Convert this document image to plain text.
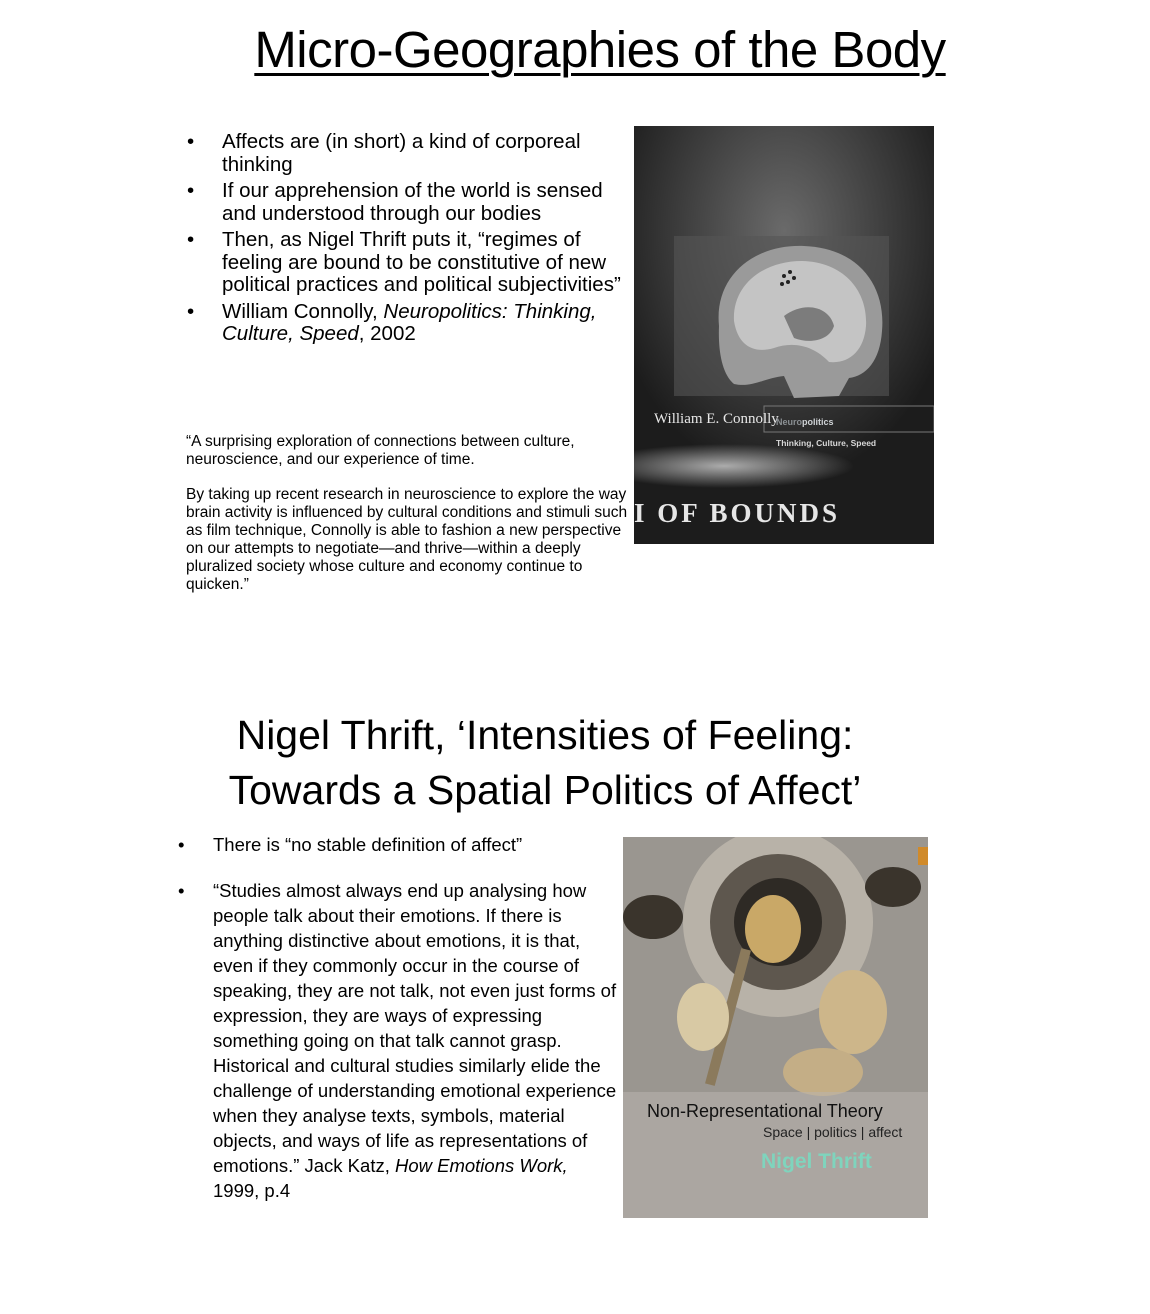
Micro-Geographies of the Body
• Affects are (in short) a kind of corporeal thinking
• If our apprehension of the world is sensed and understood through our bodies
• Then, as Nigel Thrift puts it, “regimes of feeling are bound to be constitutive of new political practices and political subjectivities”
• William Connolly, Neuropolitics: Thinking, Culture, Speed, 2002

“A surprising exploration of connections between culture, neuroscience, and our experience of time.

By taking up recent research in neuroscience to explore the way brain activity is influenced by cultural conditions and stimuli such as film technique, Connolly is able to fashion a new perspective on our attempts to negotiate—and thrive—within a deeply pluralized society whose culture and economy continue to quicken.”

William E. Connolly
Neuropolitics
Thinking, Culture, Speed
I OF BOUNDS
Nigel Thrift, ‘Intensities of Feeling:
Towards a Spatial Politics of Affect’
• There is “no stable definition of affect”
• “Studies almost always end up analysing how people talk about their emotions. If there is anything distinctive about emotions, it is that, even if they commonly occur in the course of speaking, they are not talk, not even just forms of expression, they are ways of expressing something going on that talk cannot grasp. Historical and cultural studies similarly elide the challenge of understanding emotional experience when they analyse texts, symbols, material objects, and ways of life as representations of emotions.” Jack Katz, How Emotions Work, 1999, p.4
Non-Representational Theory
Space | politics | affect
Nigel Thrift
